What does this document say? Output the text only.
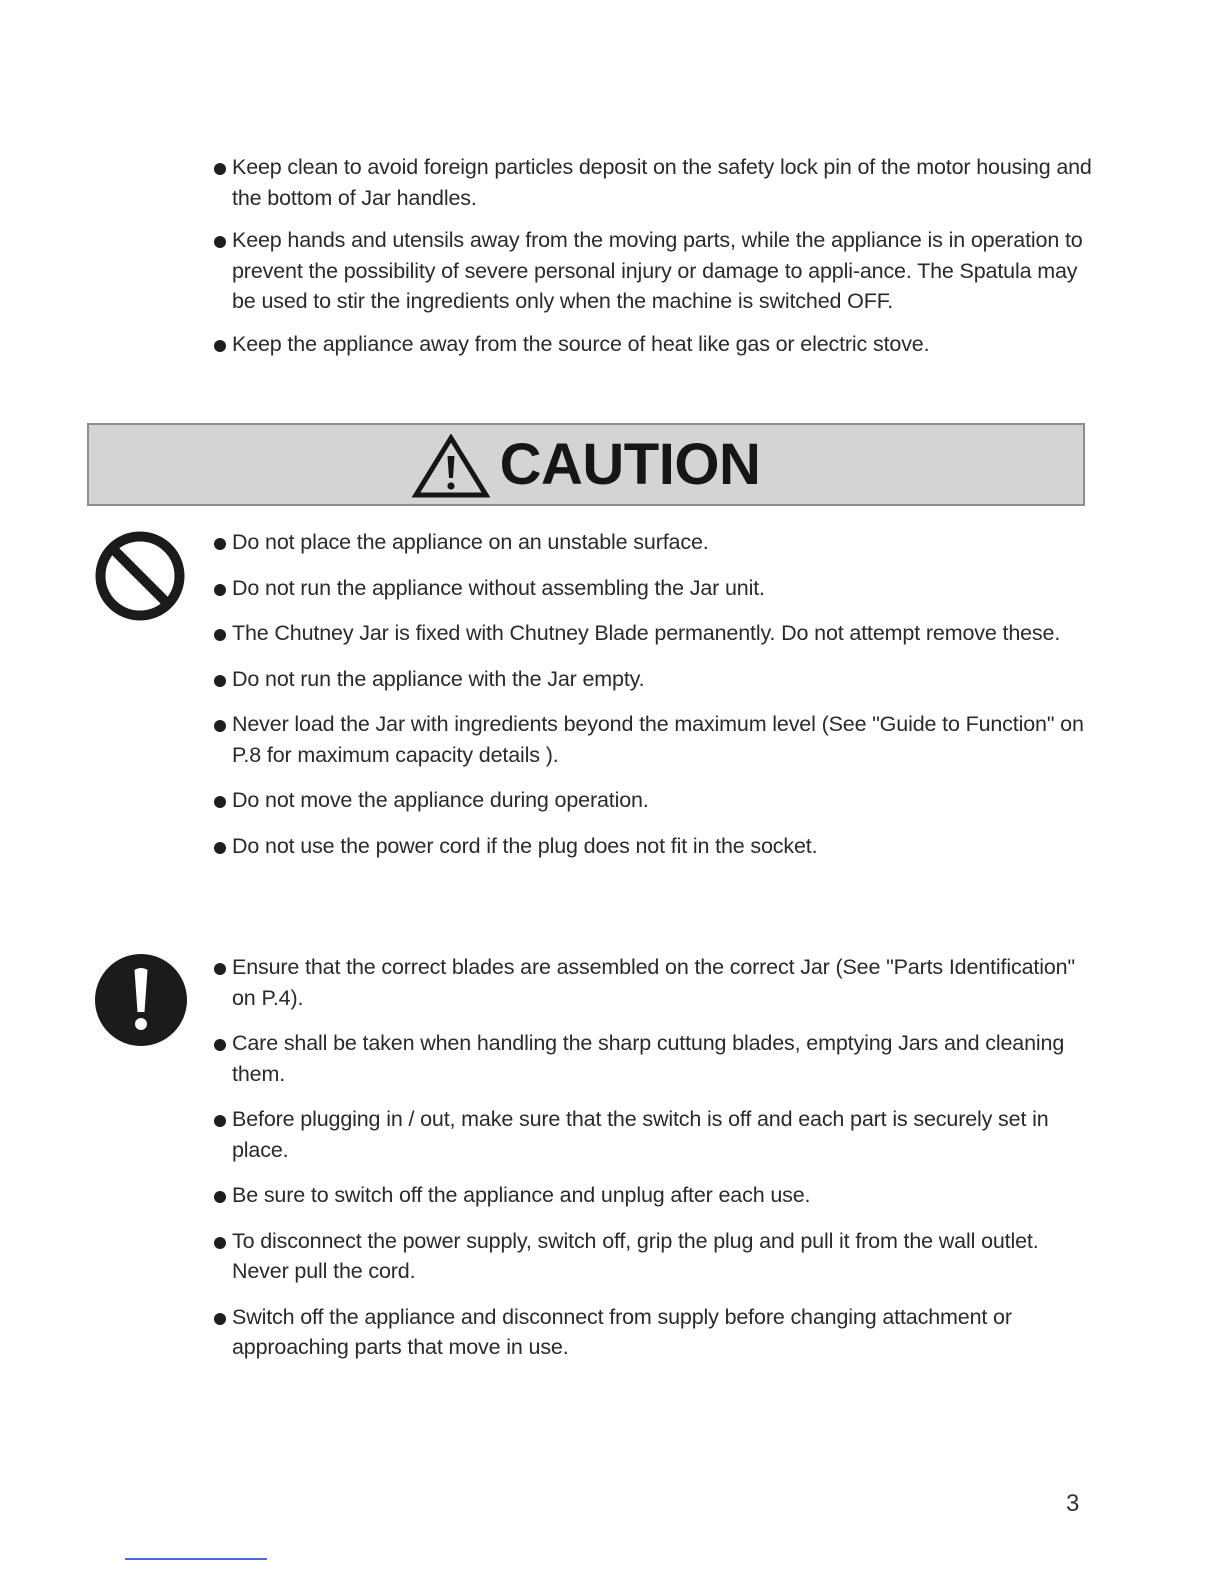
Keep clean to avoid foreign particles deposit on the safety lock pin of the motor housing and the bottom of Jar handles.
Keep hands and utensils away from the moving parts, while the appliance is in operation to prevent the possibility of severe personal injury or damage to appli-ance. The Spatula may be used to stir the ingredients only when the machine is switched OFF.
Keep the appliance away from the source of heat like gas or electric stove.
CAUTION
Do not place the appliance on an unstable surface.
Do not run the appliance without assembling the Jar unit.
The Chutney Jar is fixed with Chutney Blade permanently. Do not attempt remove these.
Do not run the appliance with the Jar empty.
Never load the Jar with ingredients beyond the maximum level (See "Guide to Function" on P.8 for maximum capacity details ).
Do not move the appliance during operation.
Do not use the power cord if the plug does not fit in the socket.
Ensure that the correct blades are assembled on the correct Jar (See "Parts Identification" on P.4).
Care shall be taken when handling the sharp cuttung blades, emptying Jars and cleaning them.
Before plugging in / out, make sure that the switch is off and each part is securely set in place.
Be sure to switch off the appliance and unplug after each use.
To disconnect the power supply, switch off, grip the plug and pull it from the wall outlet. Never pull the cord.
Switch off the appliance and disconnect from supply before changing attachment or approaching parts that move in use.
3
